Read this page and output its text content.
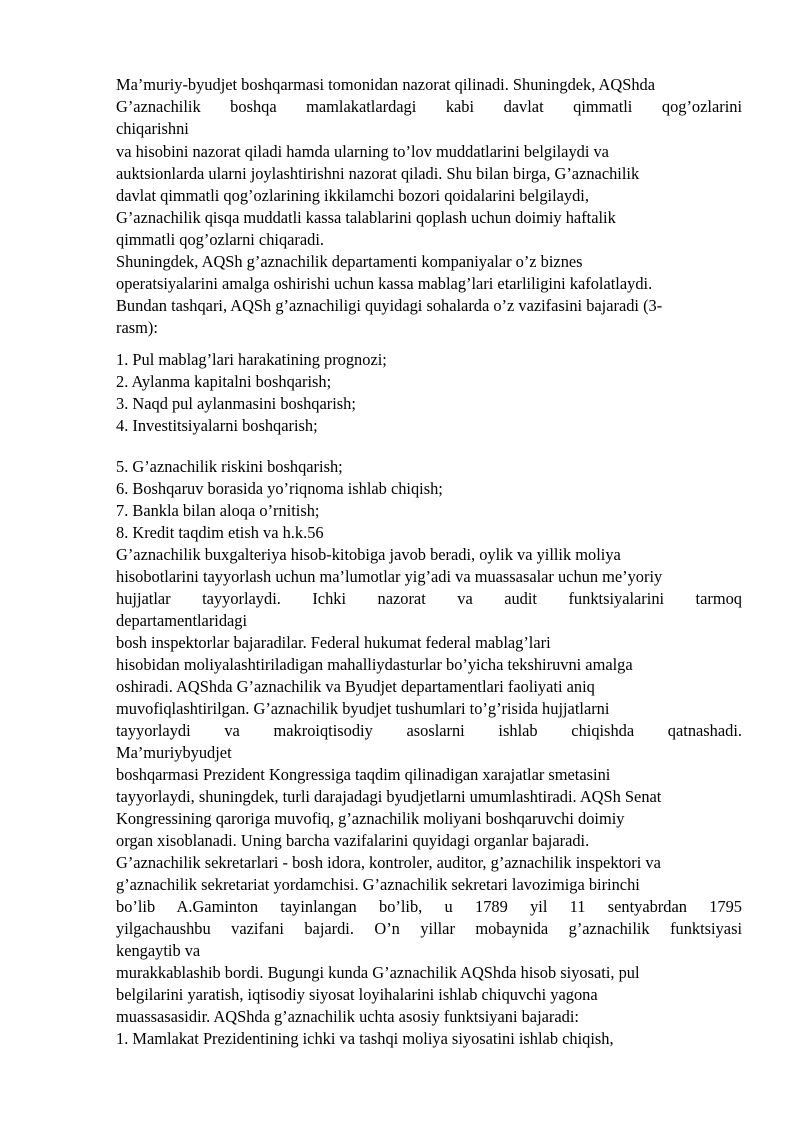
Ma’muriy-byudjet boshqarmasi tomonidan nazorat qilinadi. Shuningdek, AQShda
G’aznachilik boshqa mamlakatlardagi kabi davlat qimmatli qog’ozlarini
chiqarishni
va hisobini nazorat qiladi hamda ularning to’lov muddatlarini belgilaydi va
auktsionlarda ularni joylashtirishni nazorat qiladi. Shu bilan birga, G’aznachilik
davlat qimmatli qog’ozlarining ikkilamchi bozori qoidalarini belgilaydi,
G’aznachilik qisqa muddatli kassa talablarini qoplash uchun doimiy haftalik
qimmatli qog’ozlarni chiqaradi.
Shuningdek, AQSh g’aznachilik departamenti kompaniyalar o’z biznes
operatsiyalarini amalga oshirishi uchun kassa mablag’lari etarliligini kafolatlaydi.
Bundan tashqari, AQSh g’aznachiligi quyidagi sohalarda o’z vazifasini bajaradi (3-
rasm):
1. Pul mablag’lari harakatining prognozi;
2. Aylanma kapitalni boshqarish;
3. Naqd pul aylanmasini boshqarish;
4. Investitsiyalarni boshqarish;
5. G’aznachilik riskini boshqarish;
6. Boshqaruv borasida yo’riqnoma ishlab chiqish;
7. Bankla bilan aloqa o’rnitish;
8. Kredit taqdim etish va h.k.56
G’aznachilik buxgalteriya hisob-kitobiga javob beradi, oylik va yillik moliya
hisobotlarini tayyorlash uchun ma’lumotlar yig’adi va muassasalar uchun me’yoriy
hujjatlar tayyorlaydi. Ichki nazorat va audit funktsiyalarini tarmoq
departamentlaridagi
bosh inspektorlar bajaradilar. Federal hukumat federal mablag’lari
hisobidan moliyalashtiriladigan mahalliydasturlar bo’yicha tekshiruvni amalga
oshiradi. AQShda G’aznachilik va Byudjet departamentlari faoliyati aniq
muvofiqlashtirilgan. G’aznachilik byudjet tushumlari to’g’risida hujjatlarni
tayyorlaydi va makroiqtisodiy asoslarni ishlab chiqishda qatnashadi.
Ma’muriybyudjet
boshqarmasi Prezident Kongressiga taqdim qilinadigan xarajatlar smetasini
tayyorlaydi, shuningdek, turli darajadagi byudjetlarni umumlashtiradi. AQSh Senat
Kongressining qaroriga muvofiq, g’aznachilik moliyani boshqaruvchi doimiy
organ xisoblanadi. Uning barcha vazifalarini quyidagi organlar bajaradi.
G’aznachilik sekretarlari - bosh idora, kontroler, auditor, g’aznachilik inspektori va
g’aznachilik sekretariat yordamchisi. G’aznachilik sekretari lavozimiga birinchi
bo’lib A.Gaminton tayinlangan bo’lib, u 1789 yil 11 sentyabrdan 1795
yilgachaushbu vazifani bajardi. O’n yillar mobaynida g’aznachilik funktsiyasi
kengaytib va
murakkablashib bordi. Bugungi kunda G’aznachilik AQShda hisob siyosati, pul
belgilarini yaratish, iqtisodiy siyosat loyihalarini ishlab chiquvchi yagona
muassasasidir. AQShda g’aznachilik uchta asosiy funktsiyani bajaradi:
1. Mamlakat Prezidentining ichki va tashqi moliya siyosatini ishlab chiqish,
